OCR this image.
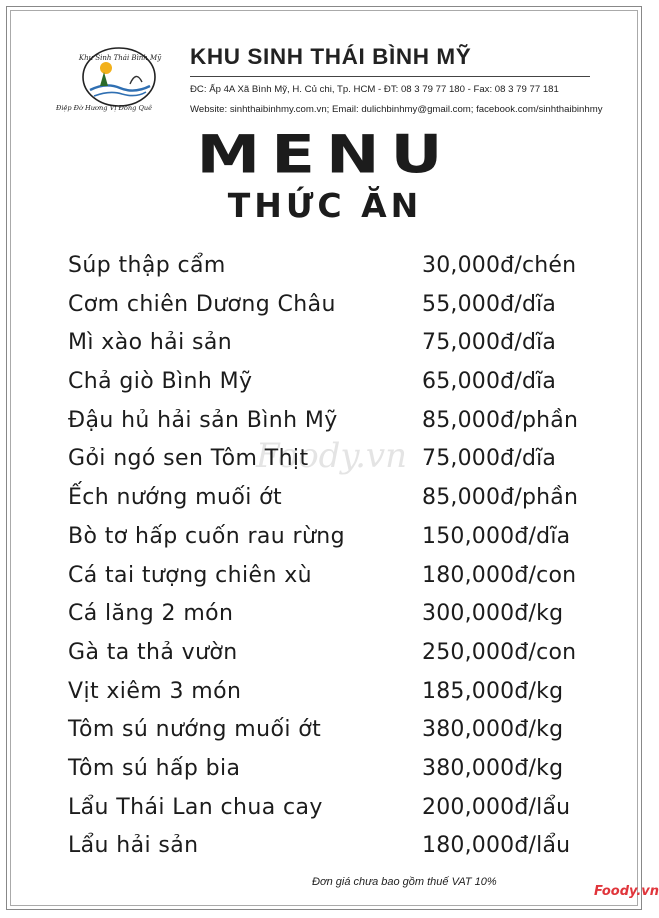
Khu Sinh Thái Bình Mỹ
Điệp Đờ Hương Vị Đồng Quê
KHU SINH THÁI BÌNH MỸ
ĐC: Ấp 4A Xã Bình Mỹ, H. Củ chi, Tp. HCM - ĐT: 08 3 79 77 180 - Fax: 08 3 79 77 181
Website: sinhthaibinhmy.com.vn; Email: dulichbinhmy@gmail.com; facebook.com/sinhthaibinhmy
MENU
THỨC ĂN
Foody.vn
Súp thập cẩm	30,000đ/chén
Cơm chiên Dương Châu	55,000đ/dĩa
Mì xào hải sản	75,000đ/dĩa
Chả giò Bình Mỹ	65,000đ/dĩa
Đậu hủ hải sản Bình Mỹ	85,000đ/phần
Gỏi ngó sen Tôm Thịt	75,000đ/dĩa
Ếch nướng muối ớt	85,000đ/phần
Bò tơ hấp cuốn rau rừng	150,000đ/dĩa
Cá tai tượng chiên xù	180,000đ/con
Cá lăng 2 món	300,000đ/kg
Gà ta thả vườn	250,000đ/con
Vịt xiêm 3 món	185,000đ/kg
Tôm sú nướng muối ớt	380,000đ/kg
Tôm sú hấp bia	380,000đ/kg
Lẩu Thái Lan chua cay	200,000đ/lẩu
Lẩu hải sản	180,000đ/lẩu
Đơn giá chưa bao gồm thuế VAT 10%
Foody.vn
